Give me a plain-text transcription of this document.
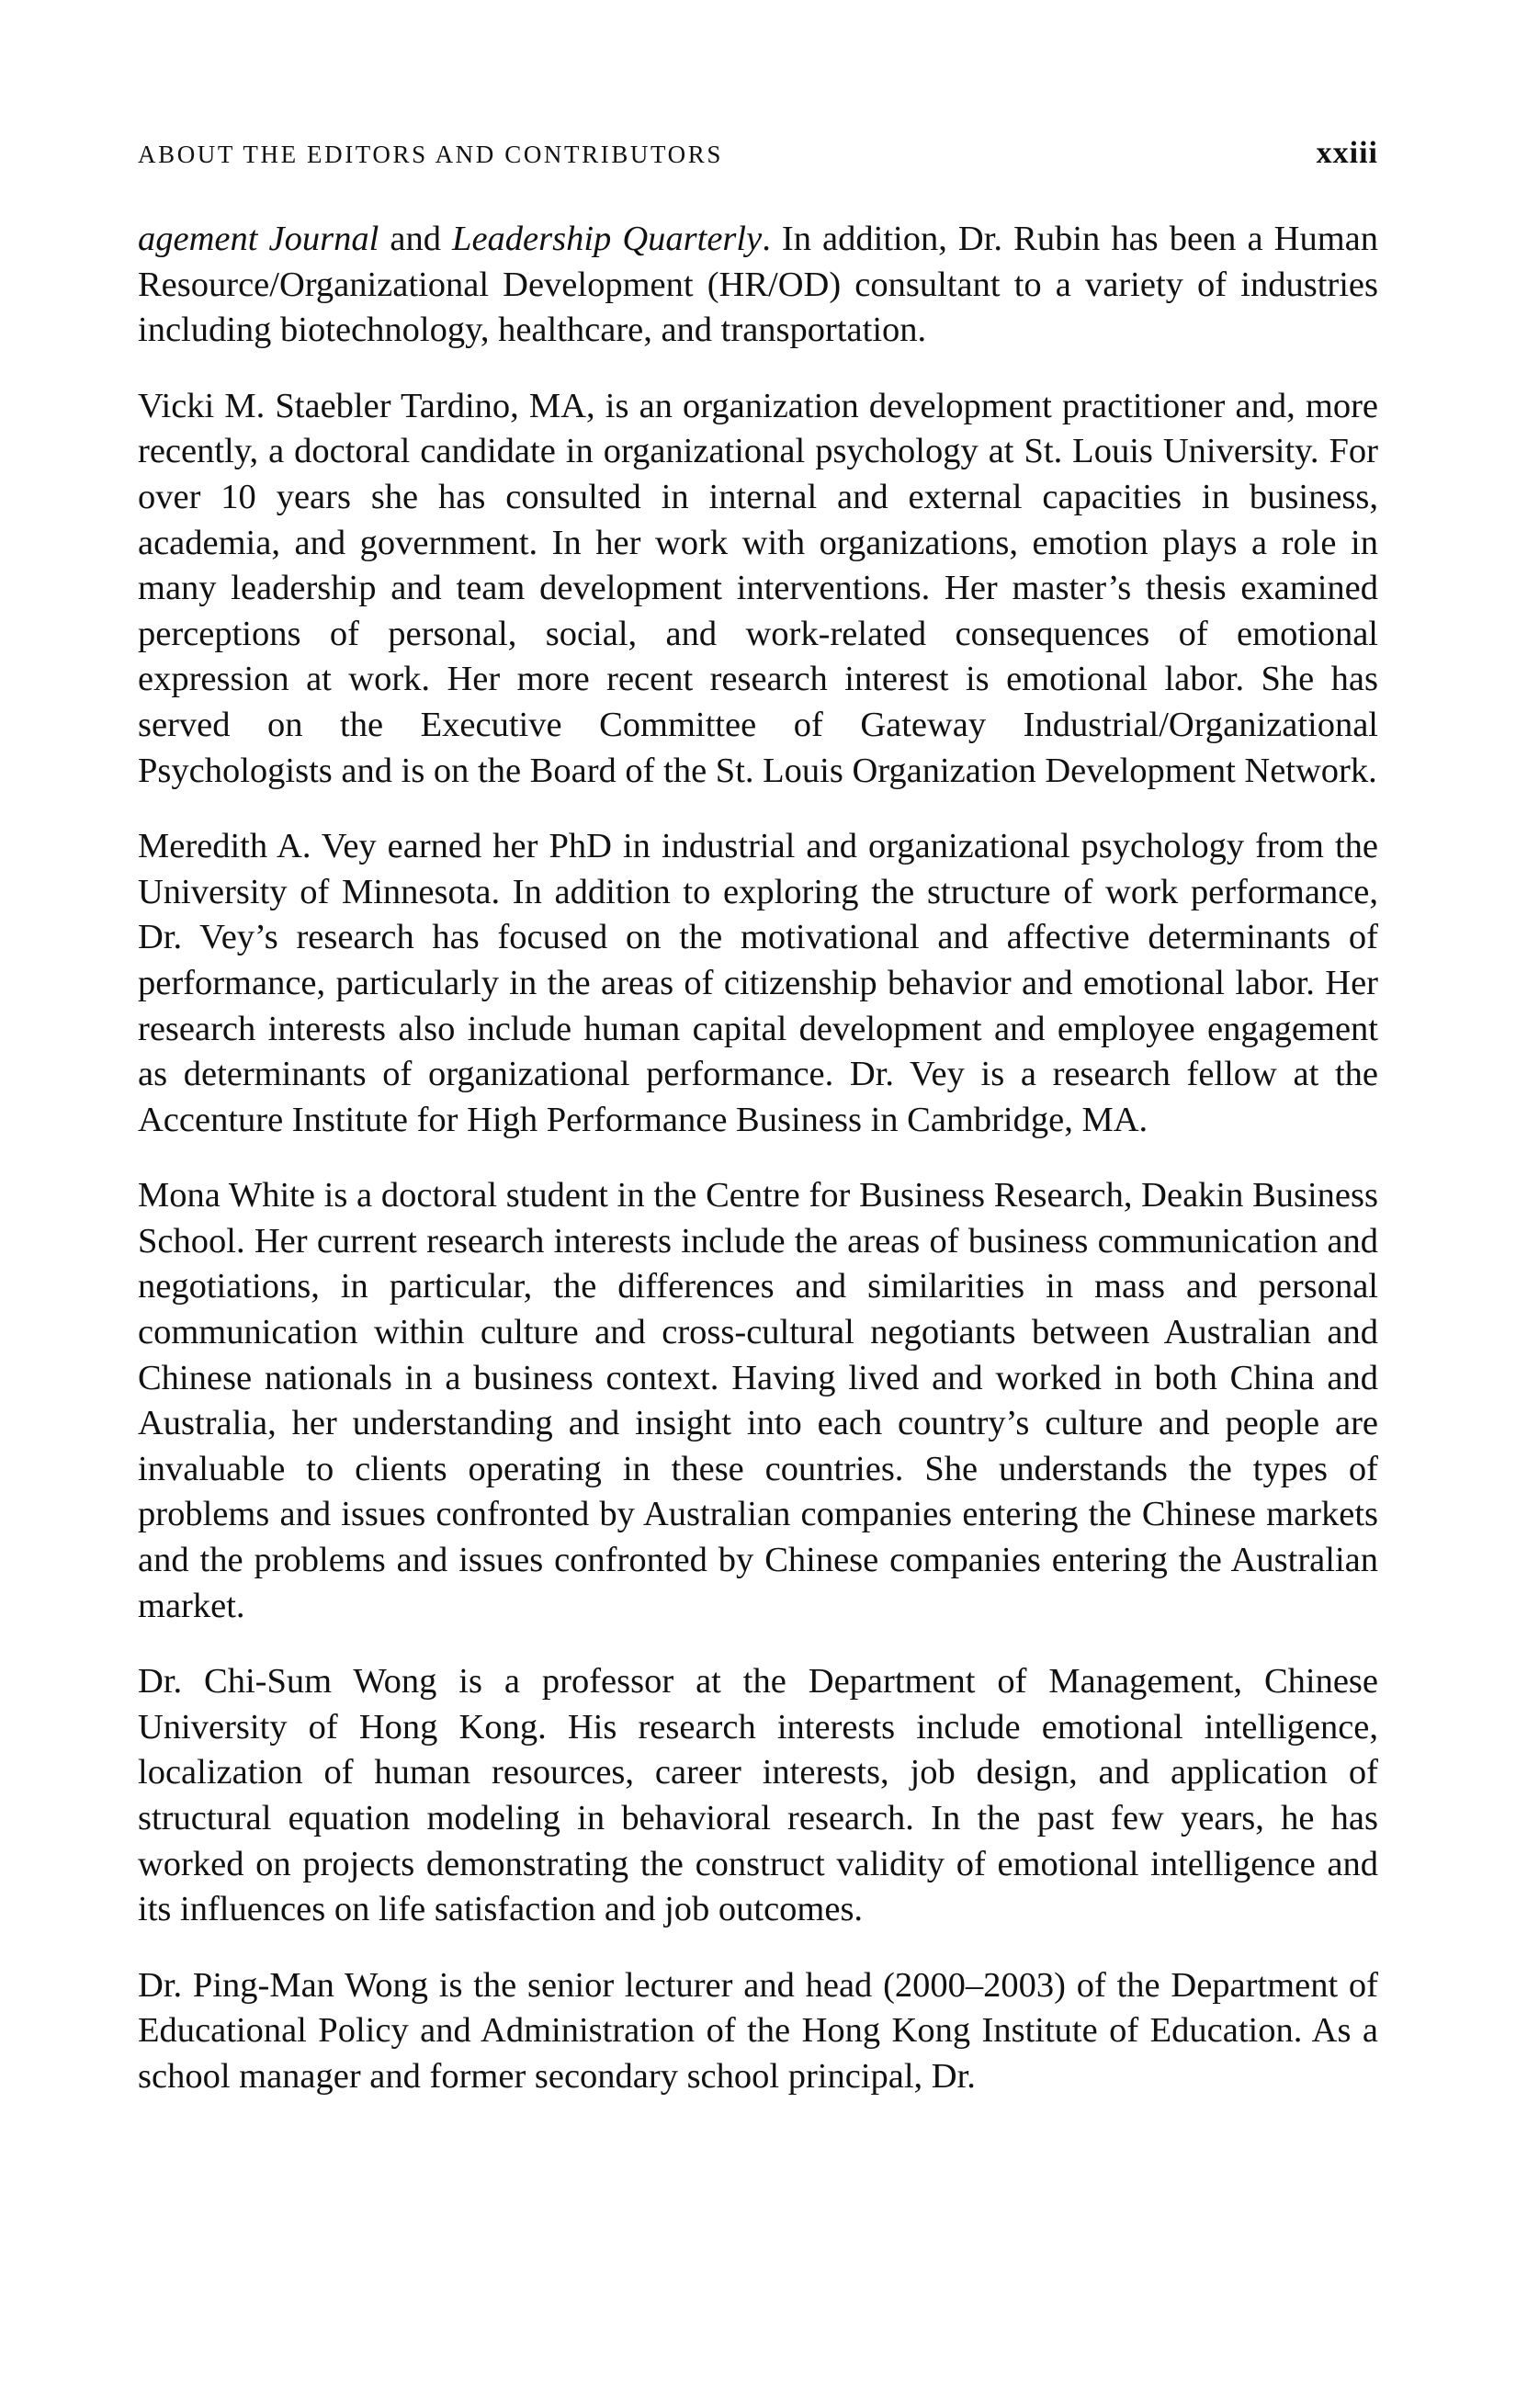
ABOUT THE EDITORS AND CONTRIBUTORS	xxiii

agement Journal and Leadership Quarterly. In addition, Dr. Rubin has been a Human Resource/Organizational Development (HR/OD) consultant to a variety of industries including biotechnology, healthcare, and transportation.

Vicki M. Staebler Tardino, MA, is an organization development practitioner and, more recently, a doctoral candidate in organizational psychology at St. Louis University. For over 10 years she has consulted in internal and external capacities in business, academia, and government. In her work with organizations, emotion plays a role in many leadership and team development interventions. Her master’s thesis examined perceptions of personal, social, and work-related consequences of emotional expression at work. Her more recent research interest is emotional labor. She has served on the Executive Committee of Gateway Industrial/Organizational Psychologists and is on the Board of the St. Louis Organization Development Network.

Meredith A. Vey earned her PhD in industrial and organizational psychology from the University of Minnesota. In addition to exploring the structure of work performance, Dr. Vey’s research has focused on the motivational and affective determinants of performance, particularly in the areas of citizenship behavior and emotional labor. Her research interests also include human capital development and employee engagement as determinants of organizational performance. Dr. Vey is a research fellow at the Accenture Institute for High Performance Business in Cambridge, MA.

Mona White is a doctoral student in the Centre for Business Research, Deakin Business School. Her current research interests include the areas of business communication and negotiations, in particular, the differences and similarities in mass and personal communication within culture and cross-cultural negotiants between Australian and Chinese nationals in a business context. Having lived and worked in both China and Australia, her understanding and insight into each country’s culture and people are invaluable to clients operating in these countries. She understands the types of problems and issues confronted by Australian companies entering the Chinese markets and the problems and issues confronted by Chinese companies entering the Australian market.

Dr. Chi-Sum Wong is a professor at the Department of Management, Chinese University of Hong Kong. His research interests include emotional intelligence, localization of human resources, career interests, job design, and application of structural equation modeling in behavioral research. In the past few years, he has worked on projects demonstrating the construct validity of emotional intelligence and its influences on life satisfaction and job outcomes.

Dr. Ping-Man Wong is the senior lecturer and head (2000–2003) of the Department of Educational Policy and Administration of the Hong Kong Institute of Education. As a school manager and former secondary school principal, Dr.
